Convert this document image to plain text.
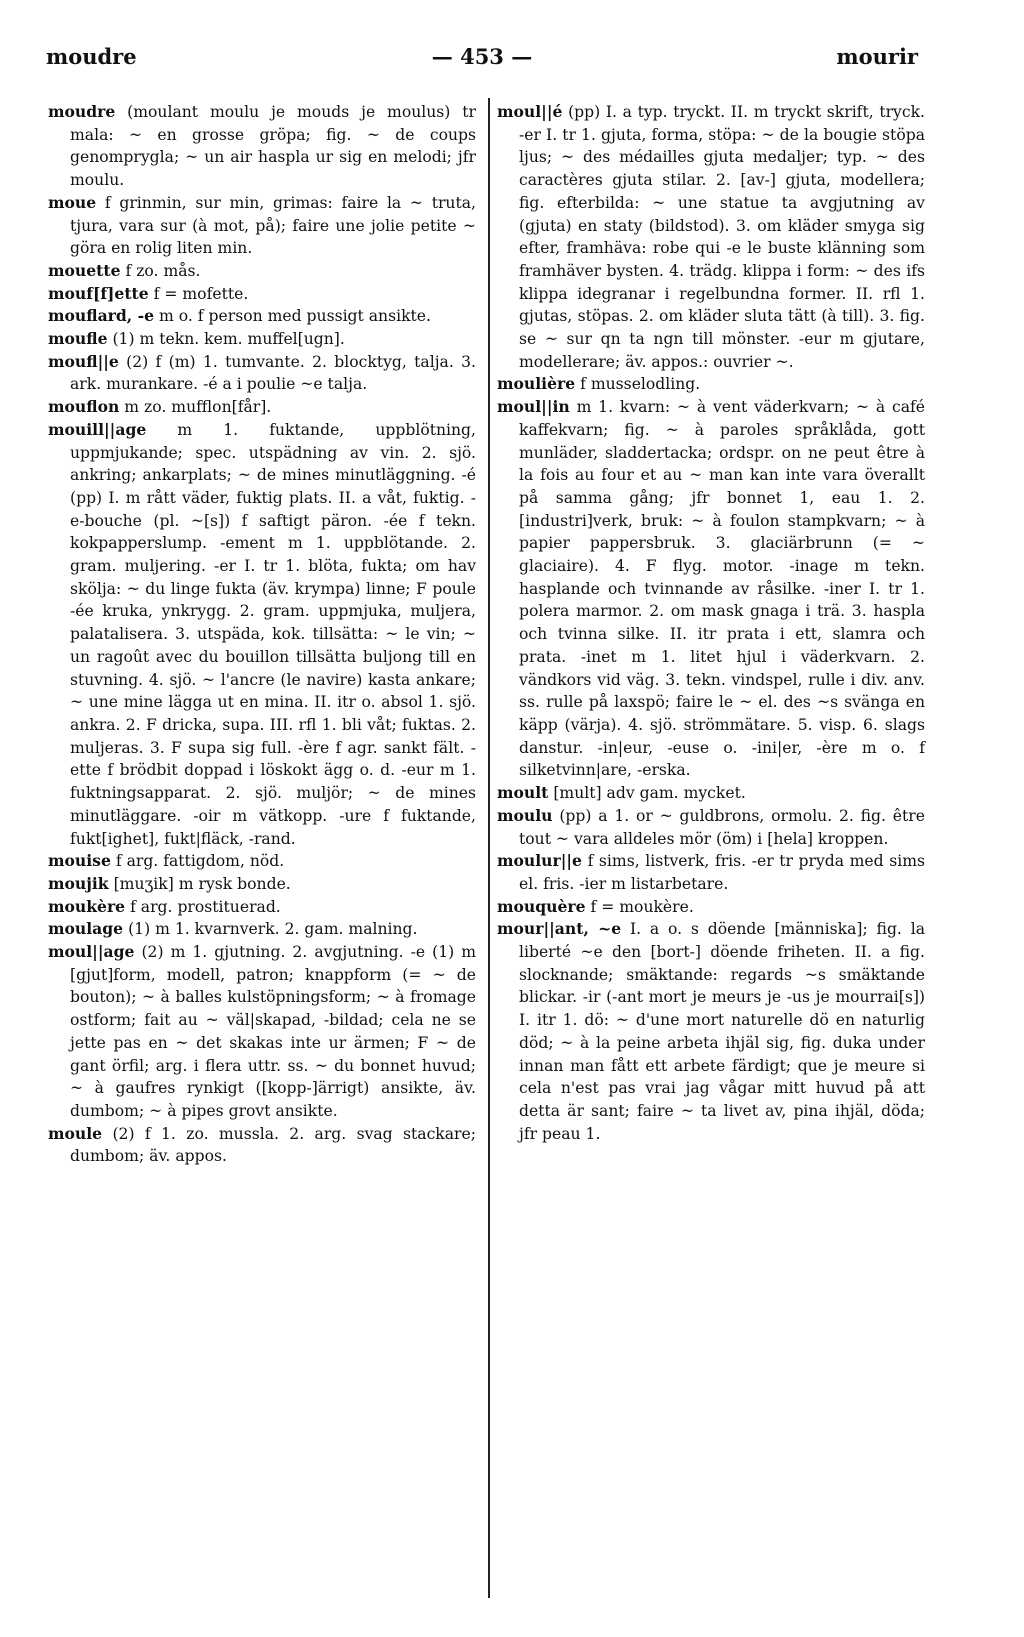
moudre	— 453 —	mourir

moudre (moulant moulu je mouds je moulus) tr mala: ~ en grosse gröpa; fig. ~ de coups genomprygla; ~ un air haspla ur sig en melodi; jfr moulu.

moue f grinmin, sur min, grimas: faire la ~ truta, tjura, vara sur (à mot, på); faire une jolie petite ~ göra en rolig liten min.

mouette f zo. mås.

mouf[f]ette f = mofette.

mouflard, -e m o. f person med pussigt ansikte.

moufle (1) m tekn. kem. muffel[ugn].

moufl||e (2) f (m) 1. tumvante. 2. blocktyg, talja. 3. ark. murankare. -é a i poulie ~e talja.

mouflon m zo. mufflon[får].

mouill||age m 1. fuktande, uppblötning, uppmjukande; spec. utspädning av vin. 2. sjö. ankring; ankarplats; ~ de mines minutläggning. -é (pp) I. m rått väder, fuktig plats. II. a våt, fuktig. -e-bouche (pl. ~[s]) f saftigt päron. -ée f tekn. kokpapperslump. -ement m 1. uppblötande. 2. gram. muljering. -er I. tr 1. blöta, fukta; om hav skölja: ~ du linge fukta (äv. krympa) linne; F poule -ée kruka, ynkrygg. 2. gram. uppmjuka, muljera, palatalisera. 3. utspäda, kok. tillsätta: ~ le vin; ~ un ragoût avec du bouillon tillsätta buljong till en stuvning. 4. sjö. ~ l'ancre (le navire) kasta ankare; ~ une mine lägga ut en mina. II. itr o. absol 1. sjö. ankra. 2. F dricka, supa. III. rfl 1. bli våt; fuktas. 2. muljeras. 3. F supa sig full. -ère f agr. sankt fält. -ette f brödbit doppad i löskokt ägg o. d. -eur m 1. fuktningsapparat. 2. sjö. muljör; ~ de mines minutläggare. -oir m vätkopp. -ure f fuktande, fukt[ighet], fukt|fläck, -rand.

mouise f arg. fattigdom, nöd.

moujik [muʒik] m rysk bonde.

moukère f arg. prostituerad.

moulage (1) m 1. kvarnverk. 2. gam. malning.

moul||age (2) m 1. gjutning. 2. avgjutning. -e (1) m [gjut]form, modell, patron; knappform (= ~ de bouton); ~ à balles kulstöpningsform; ~ à fromage ostform; fait au ~ väl|skapad, -bildad; cela ne se jette pas en ~ det skakas inte ur ärmen; F ~ de gant örfil; arg. i flera uttr. ss. ~ du bonnet huvud; ~ à gaufres rynkigt ([kopp-]ärrigt) ansikte, äv. dumbom; ~ à pipes grovt ansikte.

moule (2) f 1. zo. mussla. 2. arg. svag stackare; dumbom; äv. appos.

moul||é (pp) I. a typ. tryckt. II. m tryckt skrift, tryck. -er I. tr 1. gjuta, forma, stöpa: ~ de la bougie stöpa ljus; ~ des médailles gjuta medaljer; typ. ~ des caractères gjuta stilar. 2. [av-] gjuta, modellera; fig. efterbilda: ~ une statue ta avgjutning av (gjuta) en staty (bildstod). 3. om kläder smyga sig efter, framhäva: robe qui -e le buste klänning som framhäver bysten. 4. trädg. klippa i form: ~ des ifs klippa idegranar i regelbundna former. II. rfl 1. gjutas, stöpas. 2. om kläder sluta tätt (à till). 3. fig. se ~ sur qn ta ngn till mönster. -eur m gjutare, modellerare; äv. appos.: ouvrier ~.

moulière f musselodling.

moul||in m 1. kvarn: ~ à vent väderkvarn; ~ à café kaffekvarn; fig. ~ à paroles språklåda, gott munläder, sladdertacka; ordspr. on ne peut être à la fois au four et au ~ man kan inte vara överallt på samma gång; jfr bonnet 1, eau 1. 2. [industri]verk, bruk: ~ à foulon stampkvarn; ~ à papier pappersbruk. 3. glaciärbrunn (= ~ glaciaire). 4. F flyg. motor. -inage m tekn. hasplande och tvinnande av råsilke. -iner I. tr 1. polera marmor. 2. om mask gnaga i trä. 3. haspla och tvinna silke. II. itr prata i ett, slamra och prata. -inet m 1. litet hjul i väderkvarn. 2. vändkors vid väg. 3. tekn. vindspel, rulle i div. anv. ss. rulle på laxspö; faire le ~ el. des ~s svänga en käpp (värja). 4. sjö. strömmätare. 5. visp. 6. slags danstur. -in|eur, -euse o. -ini|er, -ère m o. f silketvinn|are, -erska.

moult [mult] adv gam. mycket.

moulu (pp) a 1. or ~ guldbrons, ormolu. 2. fig. être tout ~ vara alldeles mör (öm) i [hela] kroppen.

moulur||e f sims, listverk, fris. -er tr pryda med sims el. fris. -ier m listarbetare.

mouquère f = moukère.

mour||ant, ~e I. a o. s döende [människa]; fig. la liberté ~e den [bort-] döende friheten. II. a fig. slocknande; smäktande: regards ~s smäktande blickar. -ir (-ant mort je meurs je -us je mourrai[s]) I. itr 1. dö: ~ d'une mort naturelle dö en naturlig död; ~ à la peine arbeta ihjäl sig, fig. duka under innan man fått ett arbete färdigt; que je meure si cela n'est pas vrai jag vågar mitt huvud på att detta är sant; faire ~ ta livet av, pina ihjäl, döda; jfr peau 1.
